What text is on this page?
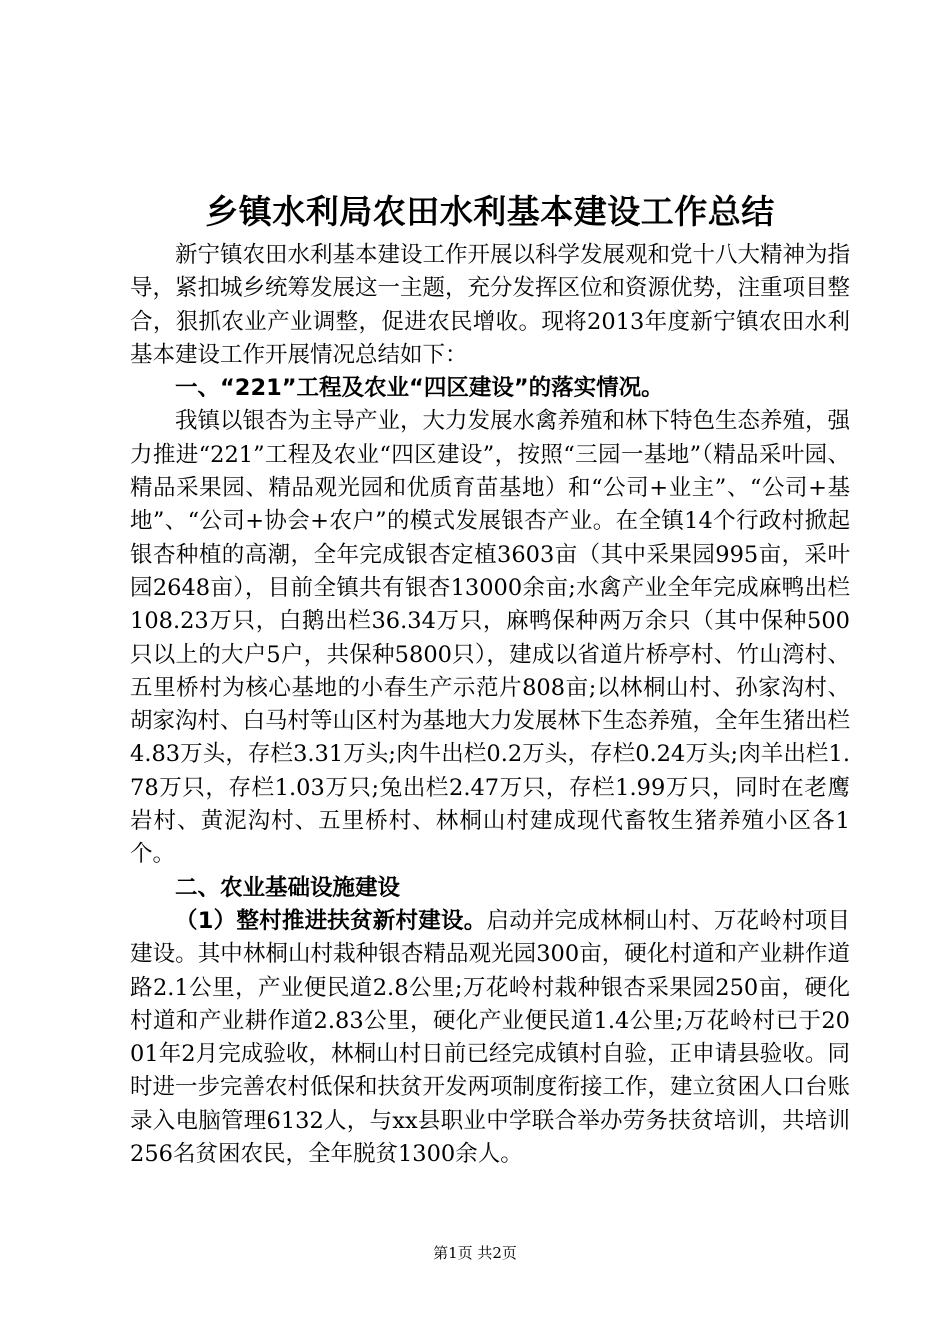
乡镇水利局农田水利基本建设工作总结

新宁镇农田水利基本建设工作开展以科学发展观和党十八大精神为指导，紧扣城乡统筹发展这一主题，充分发挥区位和资源优势，注重项目整合，狠抓农业产业调整，促进农民增收。现将2013年度新宁镇农田水利基本建设工作开展情况总结如下：

一、“221”工程及农业“四区建设”的落实情况。

我镇以银杏为主导产业，大力发展水禽养殖和林下特色生态养殖，强力推进“221”工程及农业“四区建设”，按照“三园一基地”（精品采叶园、精品采果园、精品观光园和优质育苗基地）和“公司+业主”、“公司+基地”、“公司+协会+农户”的模式发展银杏产业。在全镇14个行政村掀起银杏种植的高潮，全年完成银杏定植3603亩（其中采果园995亩，采叶园2648亩），目前全镇共有银杏13000余亩;水禽产业全年完成麻鸭出栏108.23万只，白鹅出栏36.34万只，麻鸭保种两万余只（其中保种500只以上的大户5户，共保种5800只），建成以省道片桥亭村、竹山湾村、五里桥村为核心基地的小春生产示范片808亩;以林桐山村、孙家沟村、胡家沟村、白马村等山区村为基地大力发展林下生态养殖，全年生猪出栏4.83万头，存栏3.31万头;肉牛出栏0.2万头，存栏0.24万头;肉羊出栏1.78万只，存栏1.03万只;兔出栏2.47万只，存栏1.99万只，同时在老鹰岩村、黄泥沟村、五里桥村、林桐山村建成现代畜牧生猪养殖小区各1个。

二、农业基础设施建设

（1）整村推进扶贫新村建设。启动并完成林桐山村、万花岭村项目建设。其中林桐山村栽种银杏精品观光园300亩，硬化村道和产业耕作道路2.1公里，产业便民道2.8公里;万花岭村栽种银杏采果园250亩，硬化村道和产业耕作道2.83公里，硬化产业便民道1.4公里;万花岭村已于2001年2月完成验收，林桐山村日前已经完成镇村自验，正申请县验收。同时进一步完善农村低保和扶贫开发两项制度衔接工作，建立贫困人口台账录入电脑管理6132人，与xx县职业中学联合举办劳务扶贫培训，共培训256名贫困农民，全年脱贫1300余人。

第1页 共2页
